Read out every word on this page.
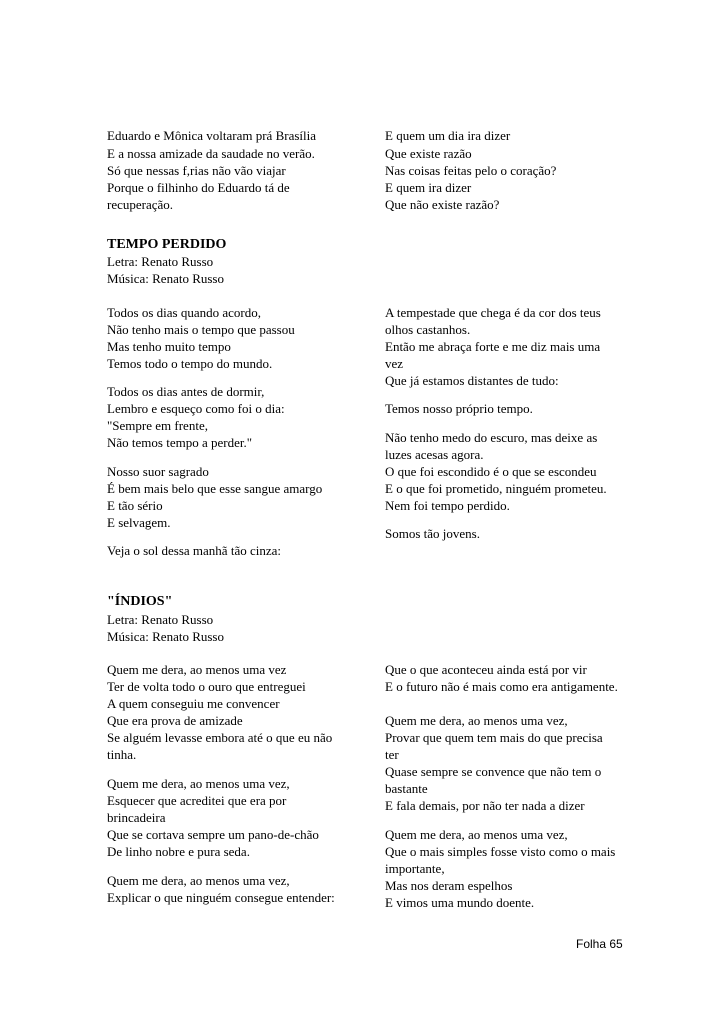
Eduardo e Mônica voltaram prá Brasília
E a nossa amizade da saudade no verão.
Só que nessas f,rias não vão viajar
Porque o filhinho do Eduardo tá de
recuperação.
E quem um dia ira dizer
Que existe razão
Nas coisas feitas pelo o coração?
E quem ira dizer
Que não existe razão?
TEMPO PERDIDO
Letra: Renato Russo
Música: Renato Russo
Todos os dias quando acordo,
Não tenho mais o tempo que passou
Mas tenho muito tempo
Temos todo o tempo do mundo.
Todos os dias antes de dormir,
Lembro e esqueço como foi o dia:
"Sempre em frente,
Não temos tempo a perder."
Nosso suor sagrado
É bem mais belo que esse sangue amargo
E tão sério
E selvagem.
Veja o sol dessa manhã tão cinza:
A tempestade que chega é da cor dos teus
olhos castanhos.
Então me abraça forte e me diz mais uma
vez
Que já estamos distantes de tudo:
Temos nosso próprio tempo.
Não tenho medo do escuro, mas deixe as
luzes acesas agora.
O que foi escondido é o que se escondeu
E o que foi prometido, ninguém prometeu.
Nem foi tempo perdido.
Somos tão jovens.
"ÍNDIOS"
Letra: Renato Russo
Música: Renato Russo
Quem me dera, ao menos uma vez
Ter de volta todo o ouro que entreguei
A quem conseguiu me convencer
Que era prova de amizade
Se alguém levasse embora até o que eu não
tinha.
Quem me dera, ao menos uma vez,
Esquecer que acreditei que era por
brincadeira
Que se cortava sempre um pano-de-chão
De linho nobre e pura seda.
Quem me dera, ao menos uma vez,
Explicar o que ninguém consegue entender:
Que o que aconteceu ainda está por vir
E o futuro não é mais como era antigamente.
Quem me dera, ao menos uma vez,
Provar que quem tem mais do que precisa
ter
Quase sempre se convence que não tem o
bastante
E fala demais, por não ter nada a dizer
Quem me dera, ao menos uma vez,
Que o mais simples fosse visto como o mais
importante,
Mas nos deram espelhos
E vimos uma mundo doente.
Folha 65
